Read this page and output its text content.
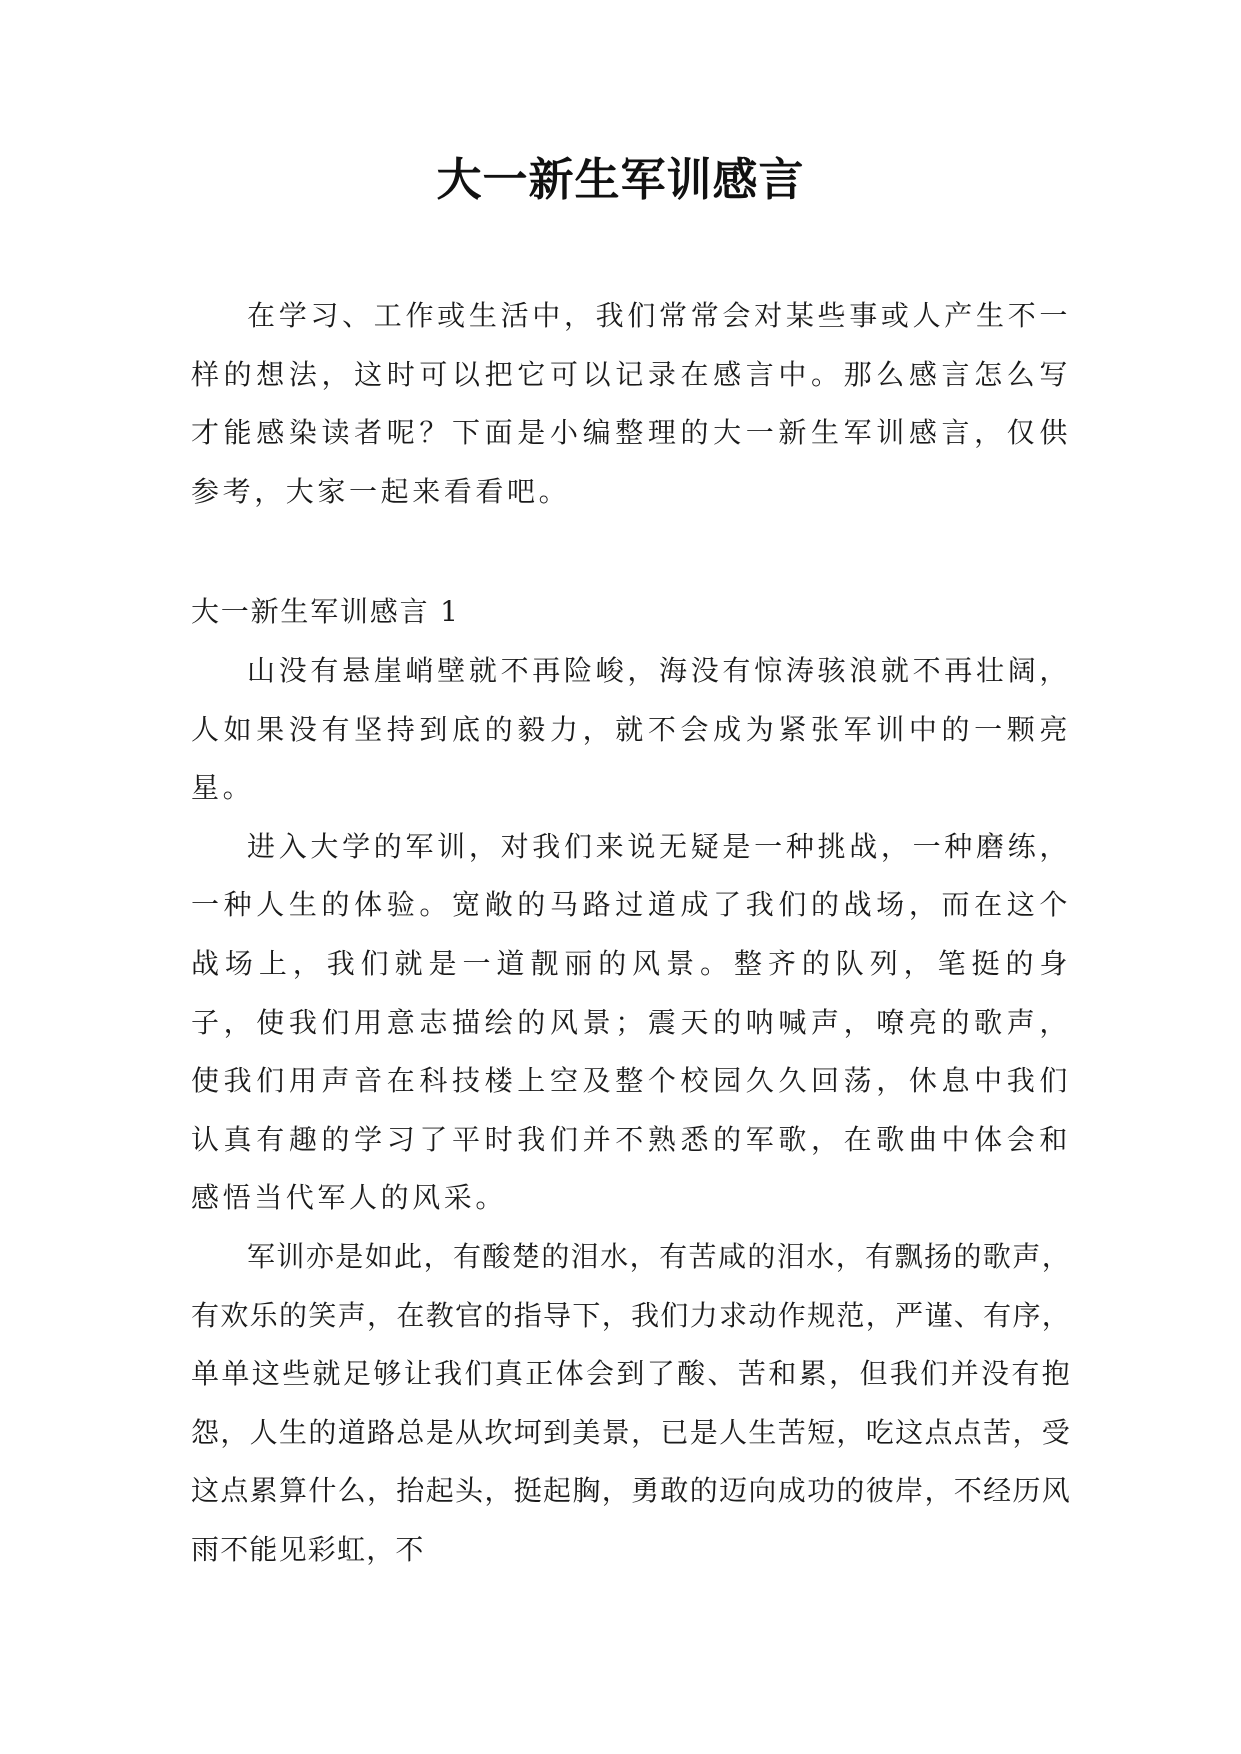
大一新生军训感言

在学习、工作或生活中，我们常常会对某些事或人产生不一样的想法，这时可以把它可以记录在感言中。那么感言怎么写才能感染读者呢？下面是小编整理的大一新生军训感言，仅供参考，大家一起来看看吧。

大一新生军训感言 1

山没有悬崖峭壁就不再险峻，海没有惊涛骇浪就不再壮阔，人如果没有坚持到底的毅力，就不会成为紧张军训中的一颗亮星。

进入大学的军训，对我们来说无疑是一种挑战，一种磨练，一种人生的体验。宽敞的马路过道成了我们的战场，而在这个战场上，我们就是一道靓丽的风景。整齐的队列，笔挺的身子，使我们用意志描绘的风景；震天的呐喊声，嘹亮的歌声，使我们用声音在科技楼上空及整个校园久久回荡，休息中我们认真有趣的学习了平时我们并不熟悉的军歌，在歌曲中体会和感悟当代军人的风采。

军训亦是如此，有酸楚的泪水，有苦咸的泪水，有飘扬的歌声，有欢乐的笑声，在教官的指导下，我们力求动作规范，严谨、有序，单单这些就足够让我们真正体会到了酸、苦和累，但我们并没有抱怨，人生的道路总是从坎坷到美景，已是人生苦短，吃这点点苦，受这点累算什么，抬起头，挺起胸，勇敢的迈向成功的彼岸，不经历风雨不能见彩虹，不
